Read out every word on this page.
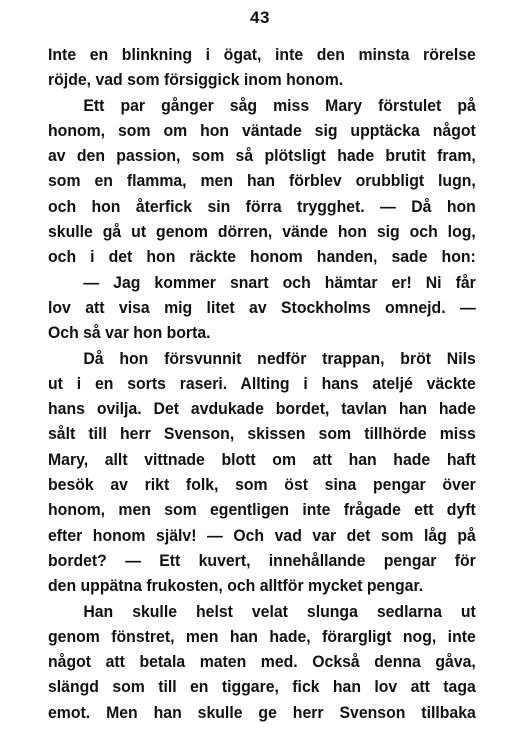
43
Inte en blinkning i ögat, inte den minsta rörelse
röjde, vad som försiggick inom honom.
Ett par gånger såg miss Mary förstulet på
honom, som om hon väntade sig upptäcka något
av den passion, som så plötsligt hade brutit fram,
som en flamma, men han förblev orubbligt lugn,
och hon återfick sin förra trygghet. — Då hon
skulle gå ut genom dörren, vände hon sig och log,
och i det hon räckte honom handen, sade hon:
— Jag kommer snart och hämtar er! Ni får
lov att visa mig litet av Stockholms omnejd. —
Och så var hon borta.
Då hon försvunnit nedför trappan, bröt Nils
ut i en sorts raseri. Allting i hans ateljé väckte
hans ovilja. Det avdukade bordet, tavlan han hade
sålt till herr Svenson, skissen som tillhörde miss
Mary, allt vittnade blott om att han hade haft
besök av rikt folk, som öst sina pengar över
honom, men som egentligen inte frågade ett dyft
efter honom själv! — Och vad var det som låg på
bordet? — Ett kuvert, innehållande pengar för
den uppätna frukosten, och alltför mycket pengar.
Han skulle helst velat slunga sedlarna ut
genom fönstret, men han hade, förargligt nog, inte
något att betala maten med. Också denna gåva,
slängd som till en tiggare, fick han lov att taga
emot. Men han skulle ge herr Svenson tillbaka
